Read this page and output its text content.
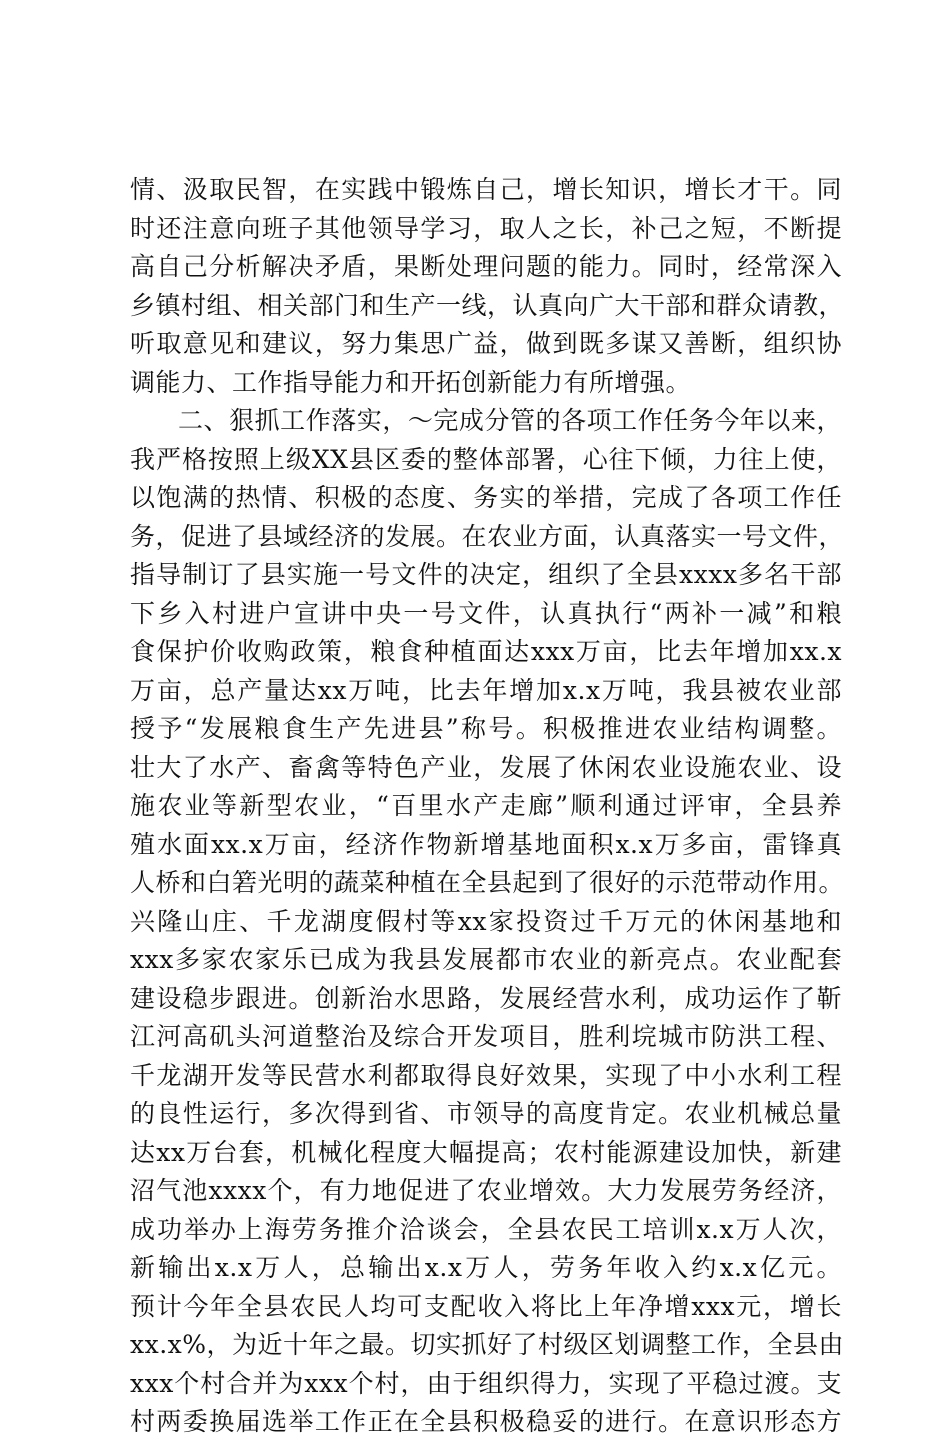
情、汲取民智，在实践中锻炼自己，增长知识，增长才干。同
时还注意向班子其他领导学习，取人之长，补己之短，不断提
高自己分析解决矛盾，果断处理问题的能力。同时，经常深入
乡镇村组、相关部门和生产一线，认真向广大干部和群众请教，
听取意见和建议，努力集思广益，做到既多谋又善断，组织协
调能力、工作指导能力和开拓创新能力有所增强。
二、狠抓工作落实，～完成分管的各项工作任务今年以来，
我严格按照上级XX县区委的整体部署，心往下倾，力往上使，
以饱满的热情、积极的态度、务实的举措，完成了各项工作任
务，促进了县域经济的发展。在农业方面，认真落实一号文件，
指导制订了县实施一号文件的决定，组织了全县xxxx多名干部
下乡入村进户宣讲中央一号文件，认真执行“两补一减”和粮
食保护价收购政策，粮食种植面达xxx万亩，比去年增加xx.x
万亩，总产量达xx万吨，比去年增加x.x万吨，我县被农业部
授予“发展粮食生产先进县”称号。积极推进农业结构调整。
壮大了水产、畜禽等特色产业，发展了休闲农业设施农业、设
施农业等新型农业，“百里水产走廊”顺利通过评审，全县养
殖水面xx.x万亩，经济作物新增基地面积x.x万多亩，雷锋真
人桥和白箬光明的蔬菜种植在全县起到了很好的示范带动作用。
兴隆山庄、千龙湖度假村等xx家投资过千万元的休闲基地和
xxx多家农家乐已成为我县发展都市农业的新亮点。农业配套
建设稳步跟进。创新治水思路，发展经营水利，成功运作了靳
江河高矶头河道整治及综合开发项目，胜利垸城市防洪工程、
千龙湖开发等民营水利都取得良好效果，实现了中小水利工程
的良性运行，多次得到省、市领导的高度肯定。农业机械总量
达xx万台套，机械化程度大幅提高；农村能源建设加快，新建
沼气池xxxx个，有力地促进了农业增效。大力发展劳务经济，
成功举办上海劳务推介洽谈会，全县农民工培训x.x万人次，
新输出x.x万人，总输出x.x万人，劳务年收入约x.x亿元。
预计今年全县农民人均可支配收入将比上年净增xxx元，增长
xx.x%，为近十年之最。切实抓好了村级区划调整工作，全县由
xxx个村合并为xxx个村，由于组织得力，实现了平稳过渡。支
村两委换届选举工作正在全县积极稳妥的进行。在意识形态方
